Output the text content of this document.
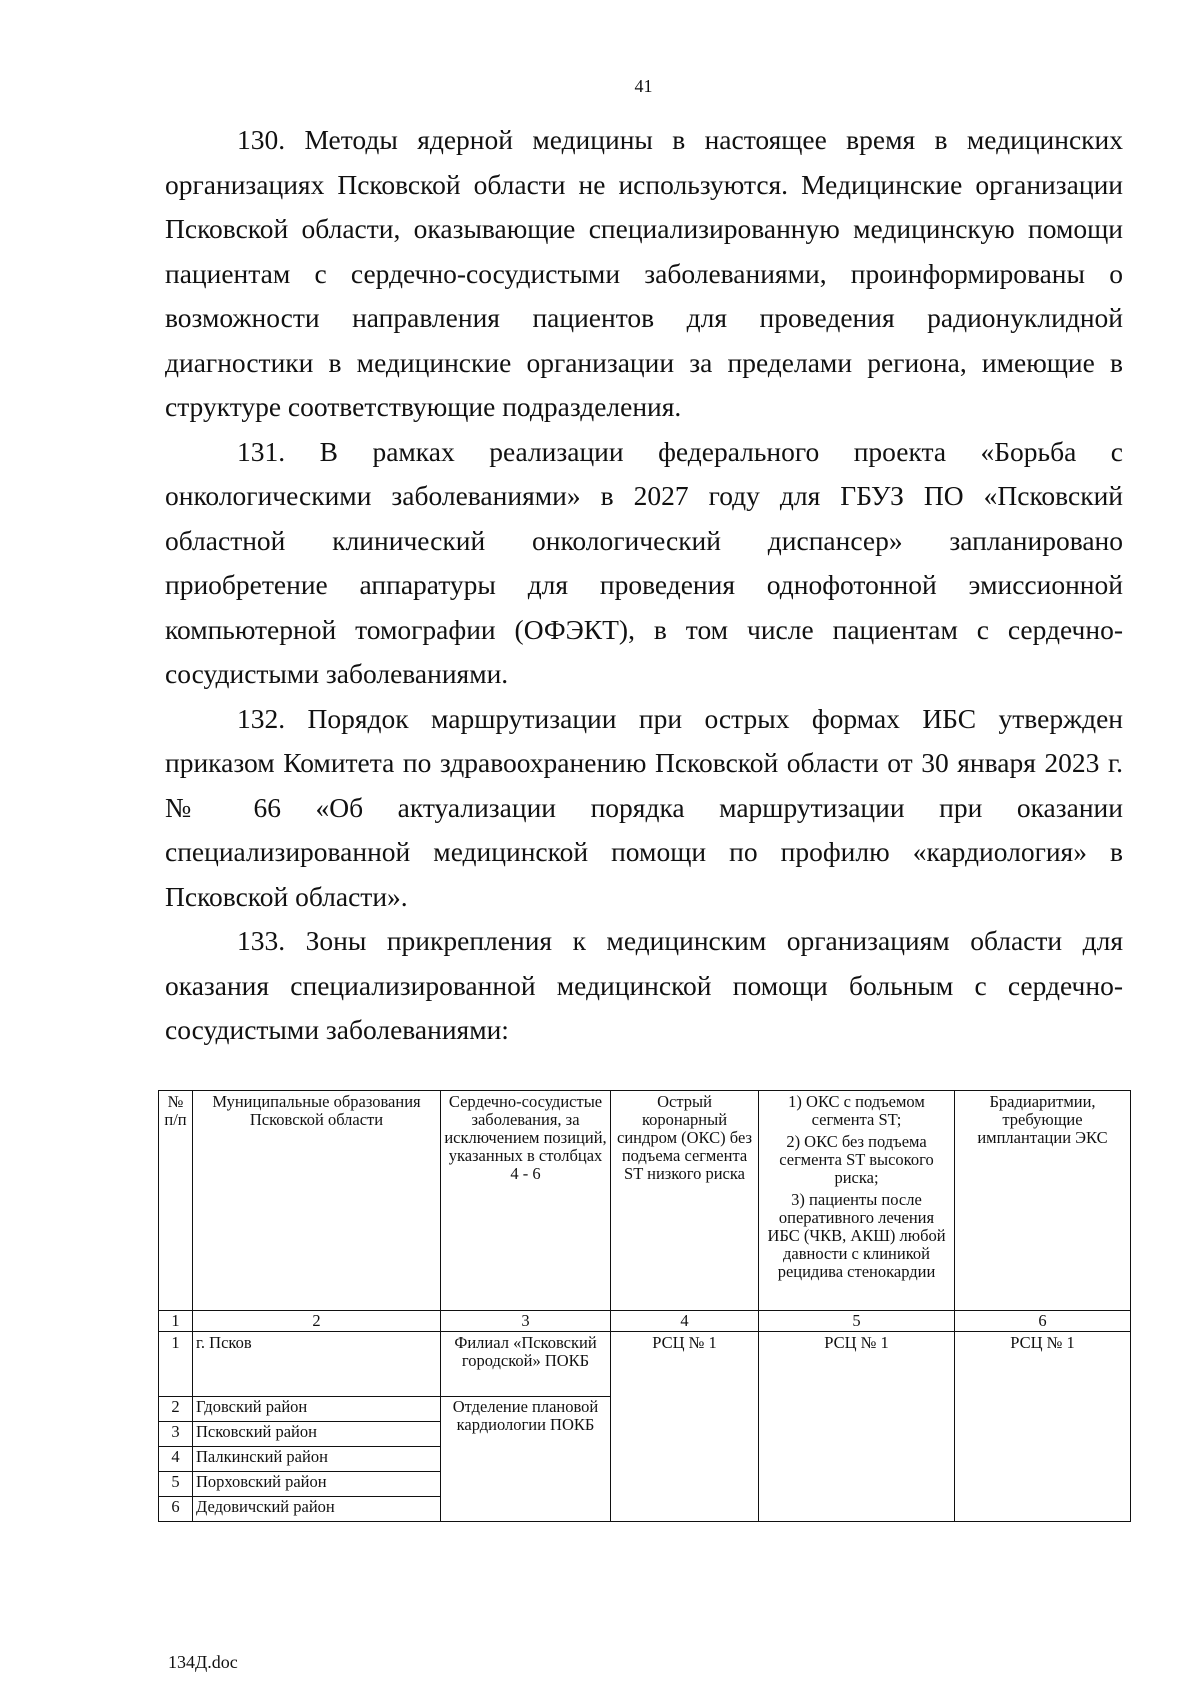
41

130. Методы ядерной медицины в настоящее время в медицинских организациях Псковской области не используются. Медицинские организации Псковской области, оказывающие специализированную медицинскую помощи пациентам с сердечно-сосудистыми заболеваниями, проинформированы о возможности направления пациентов для проведения радионуклидной диагностики в медицинские организации за пределами региона, имеющие в структуре соответствующие подразделения.

131. В рамках реализации федерального проекта «Борьба с онкологическими заболеваниями» в 2027 году для ГБУЗ ПО «Псковский областной клинический онкологический диспансер» запланировано приобретение аппаратуры для проведения однофотонной эмиссионной компьютерной томографии (ОФЭКТ), в том числе пациентам с сердечно-сосудистыми заболеваниями.

132. Порядок маршрутизации при острых формах ИБС утвержден приказом Комитета по здравоохранению Псковской области от 30 января 2023 г. № 66 «Об актуализации порядка маршрутизации при оказании специализированной медицинской помощи по профилю «кардиология» в Псковской области».

133. Зоны прикрепления к медицинским организациям области для оказания специализированной медицинской помощи больным с сердечно-сосудистыми заболеваниями:

№ п/п	Муниципальные образования Псковской области	Сердечно-сосудистые заболевания, за исключением позиций, указанных в столбцах 4 - 6	Острый коронарный синдром (ОКС) без подъема сегмента ST низкого риска	1) ОКС с подъемом сегмента ST;
2) ОКС без подъема сегмента ST высокого риска;
3) пациенты после оперативного лечения ИБС (ЧКВ, АКШ) любой давности с клиникой рецидива стенокардии	Брадиаритмии, требующие имплантации ЭКС
1	2	3	4	5	6
1	г. Псков	Филиал «Псковский городской» ПОКБ	РСЦ № 1	РСЦ № 1	РСЦ № 1
2	Гдовский район	Отделение плановой кардиологии ПОКБ			
3	Псковский район				
4	Палкинский район				
5	Порховский район				
6	Дедовичский район				
134Д.doc
